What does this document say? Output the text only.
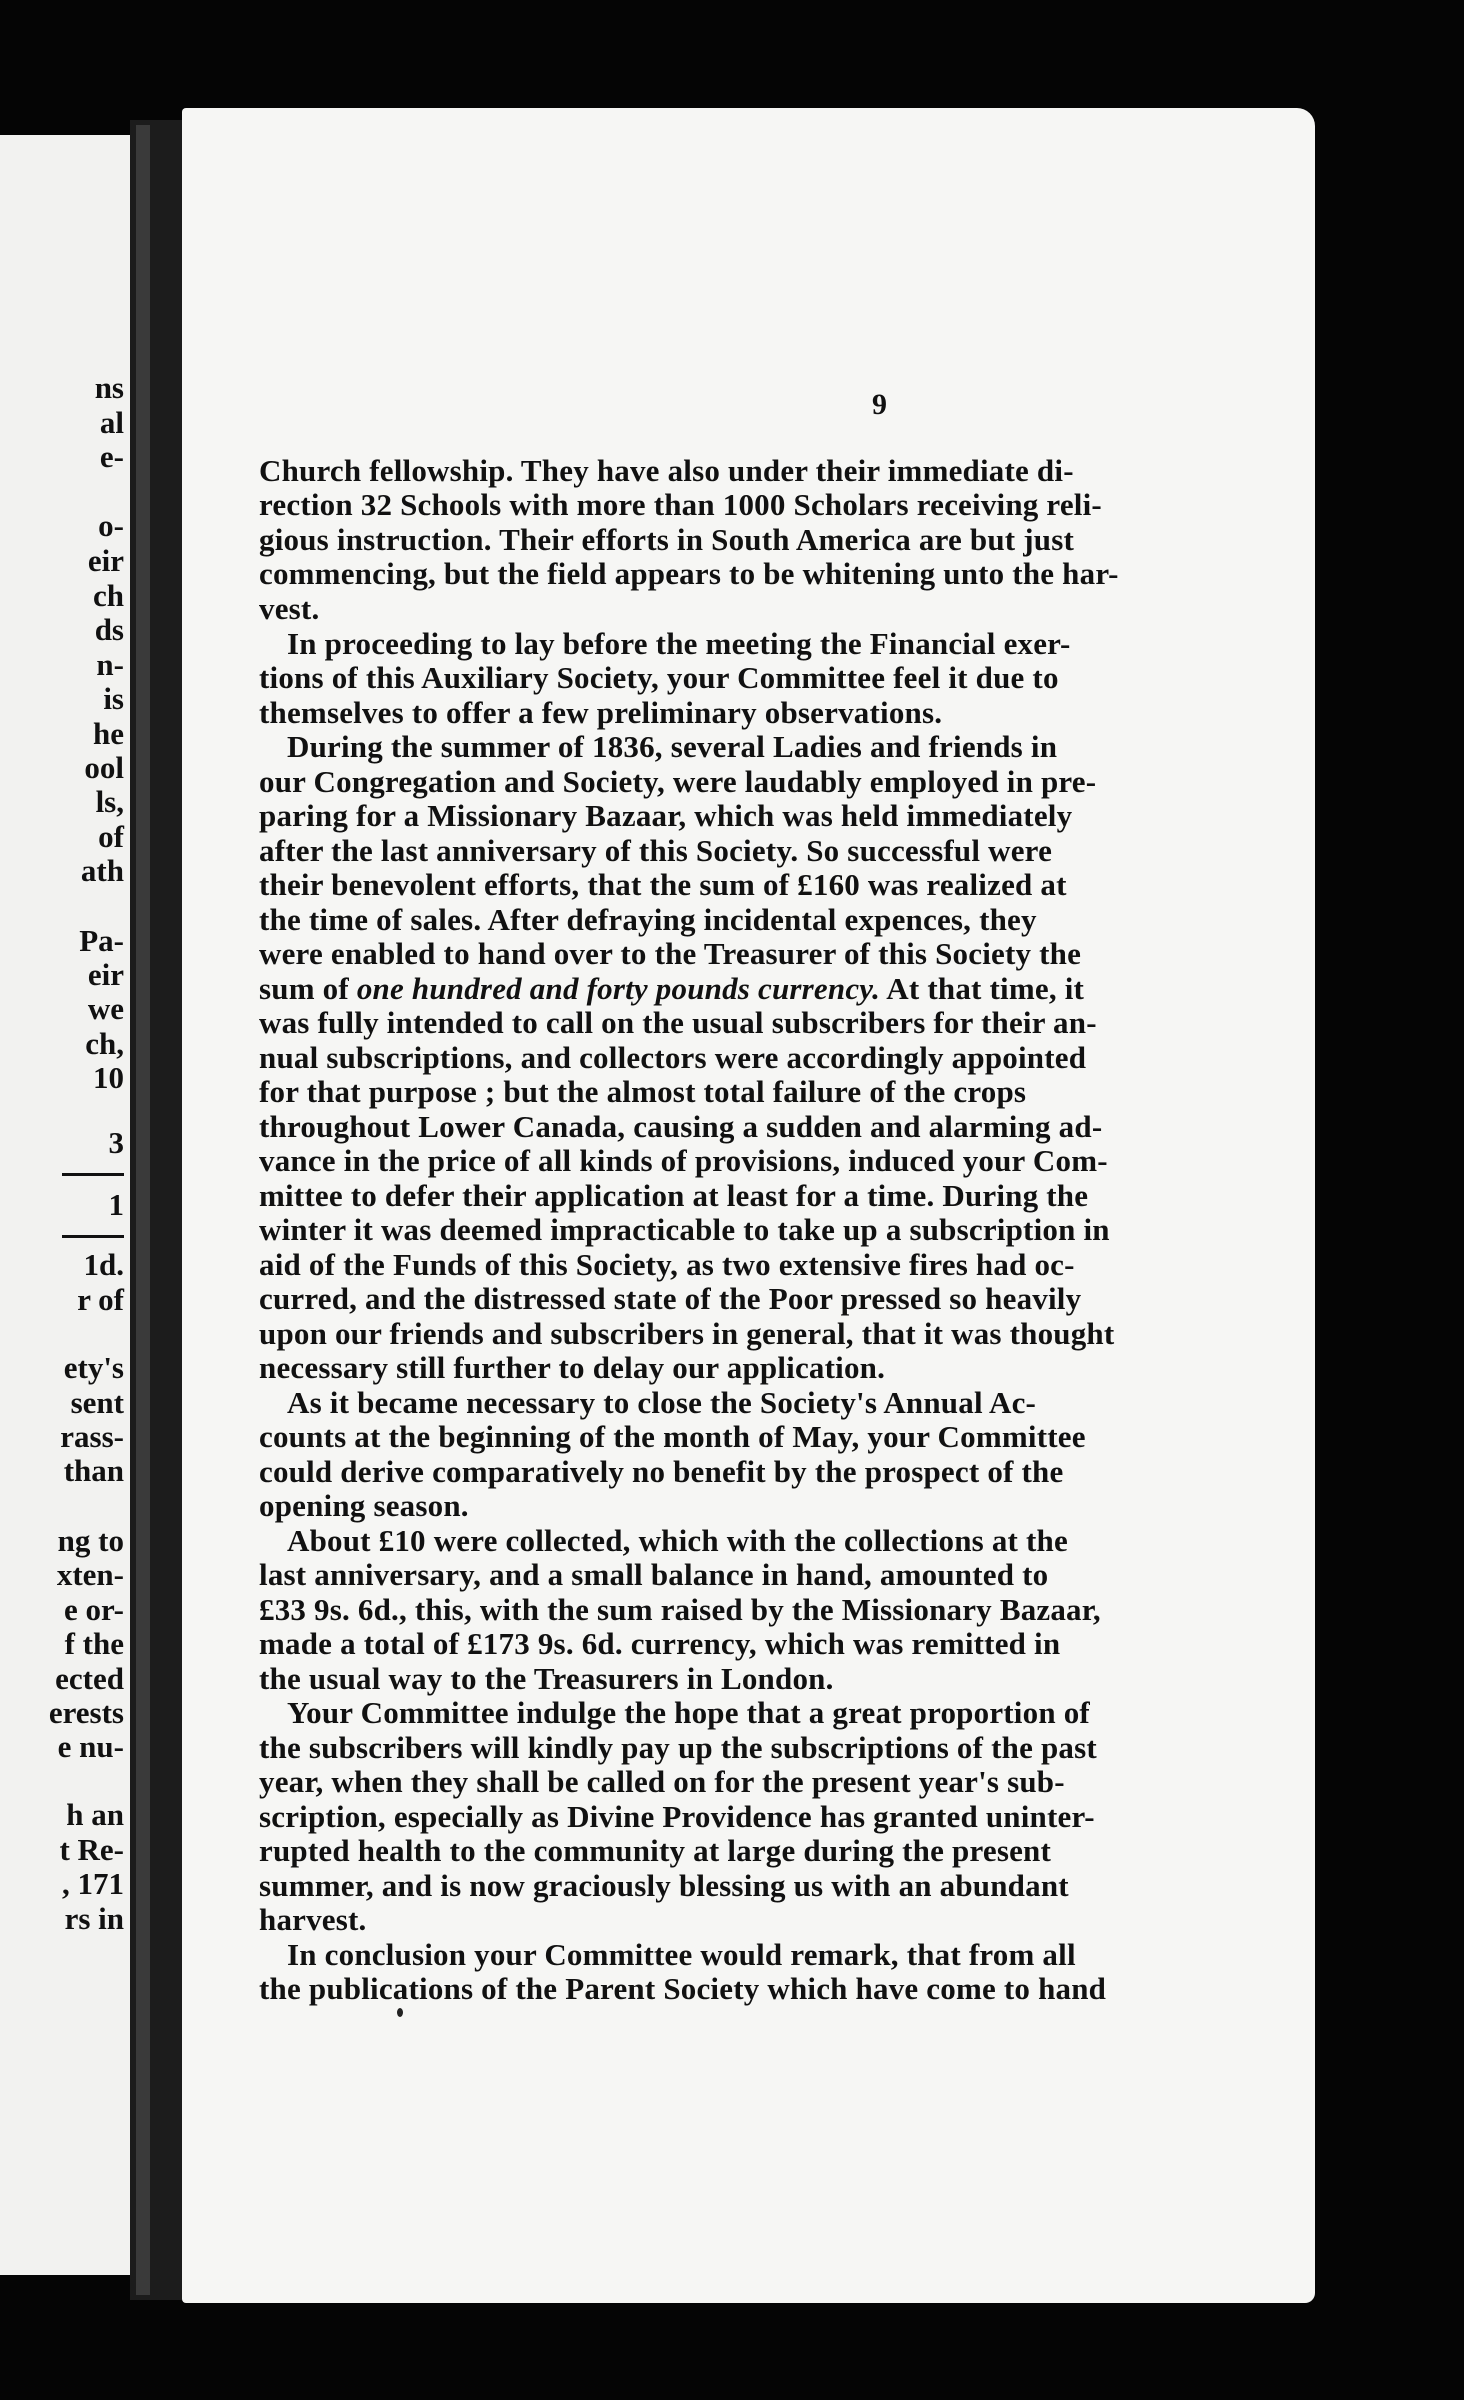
ns
al
e-
o-
eir
ch
ds
n-
is
he
ool
ls,
of
ath
Pa-
eir
we
ch,
10
3
1
1d.
r of
ety's
sent
rass-
than
ng to
xten-
e or-
f the
ected
erests
e nu-
h an
t Re-
, 171
rs in
9
Church fellowship. They have also under their immediate di-
rection 32 Schools with more than 1000 Scholars receiving reli-
gious instruction. Their efforts in South America are but just
commencing, but the field appears to be whitening unto the har-
vest.
In proceeding to lay before the meeting the Financial exer-
tions of this Auxiliary Society, your Committee feel it due to
themselves to offer a few preliminary observations.
During the summer of 1836, several Ladies and friends in
our Congregation and Society, were laudably employed in pre-
paring for a Missionary Bazaar, which was held immediately
after the last anniversary of this Society. So successful were
their benevolent efforts, that the sum of £160 was realized at
the time of sales. After defraying incidental expences, they
were enabled to hand over to the Treasurer of this Society the
sum of one hundred and forty pounds currency. At that time, it
was fully intended to call on the usual subscribers for their an-
nual subscriptions, and collectors were accordingly appointed
for that purpose ; but the almost total failure of the crops
throughout Lower Canada, causing a sudden and alarming ad-
vance in the price of all kinds of provisions, induced your Com-
mittee to defer their application at least for a time. During the
winter it was deemed impracticable to take up a subscription in
aid of the Funds of this Society, as two extensive fires had oc-
curred, and the distressed state of the Poor pressed so heavily
upon our friends and subscribers in general, that it was thought
necessary still further to delay our application.
As it became necessary to close the Society's Annual Ac-
counts at the beginning of the month of May, your Committee
could derive comparatively no benefit by the prospect of the
opening season.
About £10 were collected, which with the collections at the
last anniversary, and a small balance in hand, amounted to
£33 9s. 6d., this, with the sum raised by the Missionary Bazaar,
made a total of £173 9s. 6d. currency, which was remitted in
the usual way to the Treasurers in London.
Your Committee indulge the hope that a great proportion of
the subscribers will kindly pay up the subscriptions of the past
year, when they shall be called on for the present year's sub-
scription, especially as Divine Providence has granted uninter-
rupted health to the community at large during the present
summer, and is now graciously blessing us with an abundant
harvest.
In conclusion your Committee would remark, that from all
the publications of the Parent Society which have come to hand
